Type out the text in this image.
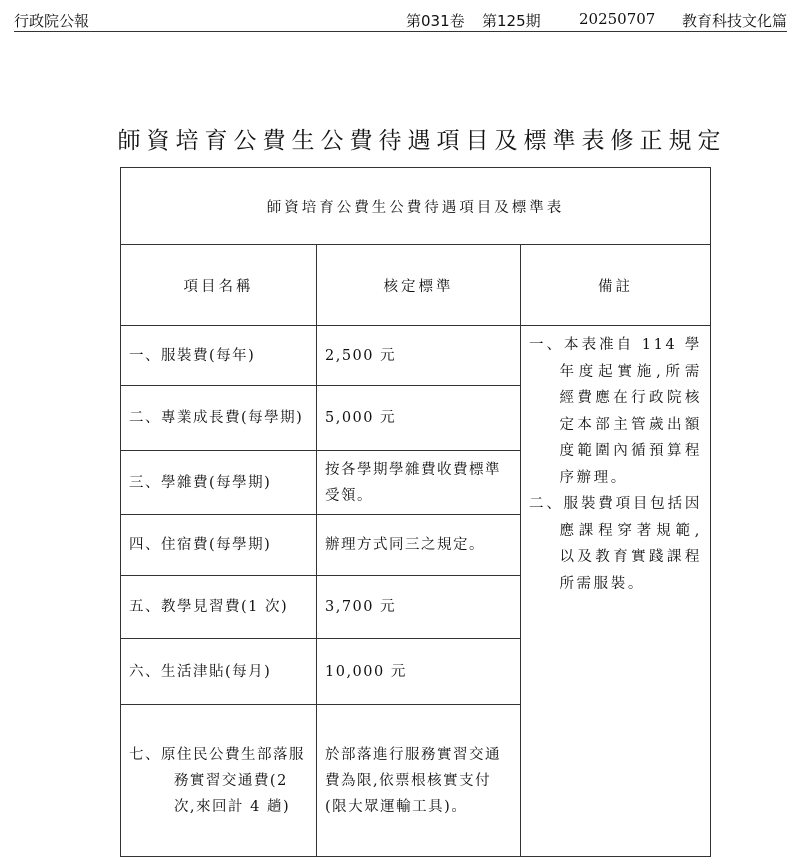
行政院公報	第031卷 第125期	20250707 教育科技文化篇
師資培育公費生公費待遇項目及標準表修正規定
師資培育公費生公費待遇項目及標準表		
項目名稱	核定標準	備註

一、服裝費(每年)	2,500 元	一、本表准自 114 學年度起實施,所需經費應在行政院核定本部主管歲出額度範圍內循預算程序辦理。
二、服裝費項目包括因應課程穿著規範,以及教育實踐課程所需服裝。

二、專業成長費(每學期)	5,000 元	

三、學雜費(每學期)	按各學期學雜費收費標準受領。	

四、住宿費(每學期)	辦理方式同三之規定。	

五、教學見習費(1 次)	3,700 元	

六、生活津貼(每月)	10,000 元	

七、原住民公費生部落服務實習交通費(2 次,來回計 4 趟)	於部落進行服務實習交通費為限,依票根核實支付(限大眾運輸工具)。	
